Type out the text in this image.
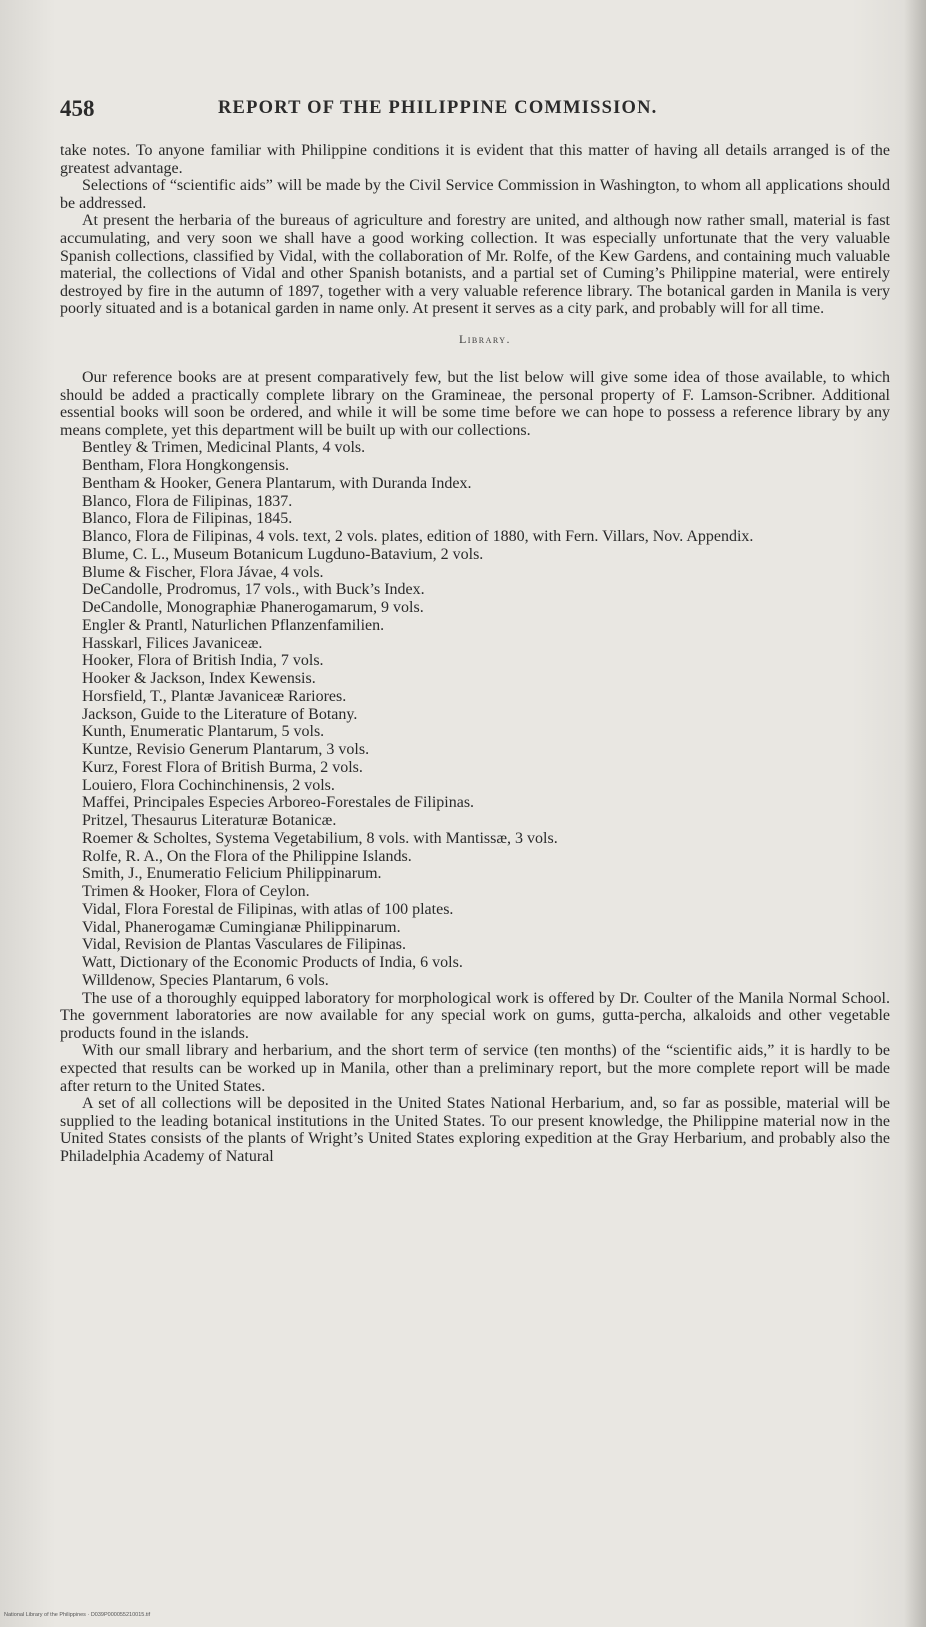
458	REPORT OF THE PHILIPPINE COMMISSION.

take notes. To anyone familiar with Philippine conditions it is evident that this matter of having all details arranged is of the greatest advantage.

Selections of “scientific aids” will be made by the Civil Service Commission in Washington, to whom all applications should be addressed.

At present the herbaria of the bureaus of agriculture and forestry are united, and although now rather small, material is fast accumulating, and very soon we shall have a good working collection. It was especially unfortunate that the very valuable Spanish collections, classified by Vidal, with the collaboration of Mr. Rolfe, of the Kew Gardens, and containing much valuable material, the collections of Vidal and other Spanish botanists, and a partial set of Cuming’s Philippine material, were entirely destroyed by fire in the autumn of 1897, together with a very valuable reference library. The botanical garden in Manila is very poorly situated and is a botanical garden in name only. At present it serves as a city park, and probably will for all time.

Library.

Our reference books are at present comparatively few, but the list below will give some idea of those available, to which should be added a practically complete library on the Gramineae, the personal property of F. Lamson-Scribner. Additional essential books will soon be ordered, and while it will be some time before we can hope to possess a reference library by any means complete, yet this department will be built up with our collections.

Bentley & Trimen, Medicinal Plants, 4 vols.
Bentham, Flora Hongkongensis.
Bentham & Hooker, Genera Plantarum, with Duranda Index.
Blanco, Flora de Filipinas, 1837.
Blanco, Flora de Filipinas, 1845.
Blanco, Flora de Filipinas, 4 vols. text, 2 vols. plates, edition of 1880, with Fern. Villars, Nov. Appendix.
Blume, C. L., Museum Botanicum Lugduno-Batavium, 2 vols.
Blume & Fischer, Flora Jávae, 4 vols.
DeCandolle, Prodromus, 17 vols., with Buck’s Index.
DeCandolle, Monographiæ Phanerogamarum, 9 vols.
Engler & Prantl, Naturlichen Pflanzenfamilien.
Hasskarl, Filices Javaniceæ.
Hooker, Flora of British India, 7 vols.
Hooker & Jackson, Index Kewensis.
Horsfield, T., Plantæ Javaniceæ Rariores.
Jackson, Guide to the Literature of Botany.
Kunth, Enumeratic Plantarum, 5 vols.
Kuntze, Revisio Generum Plantarum, 3 vols.
Kurz, Forest Flora of British Burma, 2 vols.
Louiero, Flora Cochinchinensis, 2 vols.
Maffei, Principales Especies Arboreo-Forestales de Filipinas.
Pritzel, Thesaurus Literaturæ Botanicæ.
Roemer & Scholtes, Systema Vegetabilium, 8 vols. with Mantissæ, 3 vols.
Rolfe, R. A., On the Flora of the Philippine Islands.
Smith, J., Enumeratio Felicium Philippinarum.
Trimen & Hooker, Flora of Ceylon.
Vidal, Flora Forestal de Filipinas, with atlas of 100 plates.
Vidal, Phanerogamæ Cumingianæ Philippinarum.
Vidal, Revision de Plantas Vasculares de Filipinas.
Watt, Dictionary of the Economic Products of India, 6 vols.
Willdenow, Species Plantarum, 6 vols.

The use of a thoroughly equipped laboratory for morphological work is offered by Dr. Coulter of the Manila Normal School. The government laboratories are now available for any special work on gums, gutta-percha, alkaloids and other vegetable products found in the islands.

With our small library and herbarium, and the short term of service (ten months) of the “scientific aids,” it is hardly to be expected that results can be worked up in Manila, other than a preliminary report, but the more complete report will be made after return to the United States.

A set of all collections will be deposited in the United States National Herbarium, and, so far as possible, material will be supplied to the leading botanical institutions in the United States. To our present knowledge, the Philippine material now in the United States consists of the plants of Wright’s United States exploring expedition at the Gray Herbarium, and probably also the Philadelphia Academy of Natural

National Library of the Philippines · D039P000055210015.tif
